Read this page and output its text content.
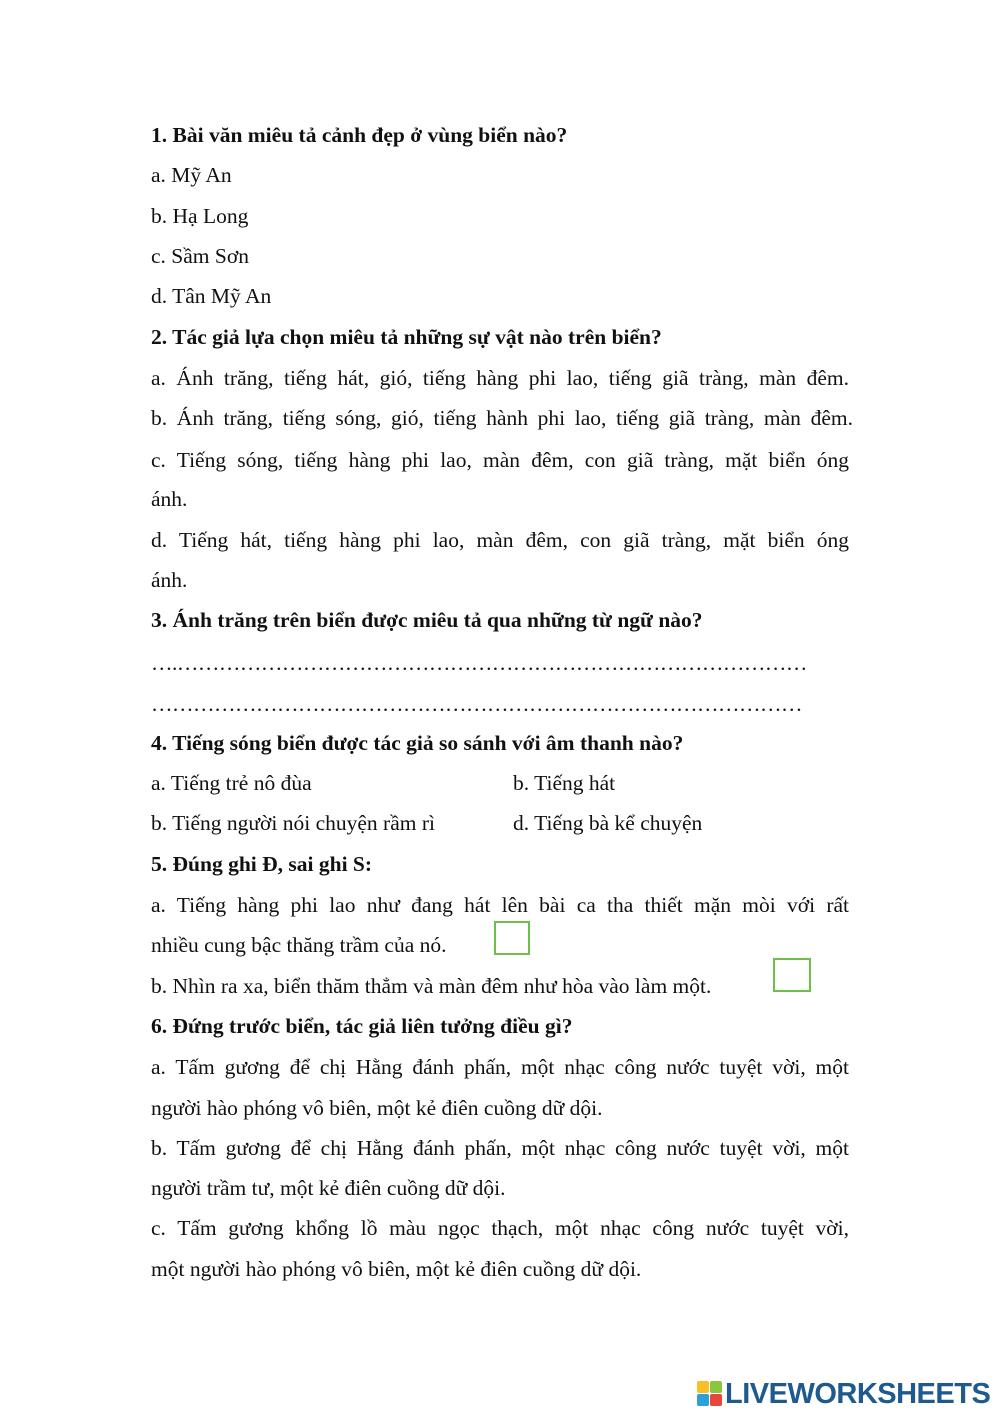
1. Bài văn miêu tả cảnh đẹp ở vùng biển nào?
a. Mỹ An
b. Hạ Long
c. Sầm Sơn
d. Tân Mỹ An
2. Tác giả lựa chọn miêu tả những sự vật nào trên biển?
a. Ánh trăng, tiếng hát, gió, tiếng hàng phi lao, tiếng giã tràng, màn đêm.
b. Ánh trăng, tiếng sóng, gió, tiếng hành phi lao, tiếng giã tràng, màn đêm.
c. Tiếng sóng, tiếng hàng phi lao, màn đêm, con giã tràng, mặt biển óng
ánh.
d. Tiếng hát, tiếng hàng phi lao, màn đêm, con giã tràng, mặt biển óng
ánh.
3. Ánh trăng trên biển được miêu tả qua những từ ngữ nào?
….………………………………………………………………………………
…………………………………………………………………………………
4. Tiếng sóng biển được tác giả so sánh với âm thanh nào?
a. Tiếng trẻ nô đùa	b. Tiếng hát
b. Tiếng người nói chuyện rầm rì	d. Tiếng bà kể chuyện
5. Đúng ghi Đ, sai ghi S:
a. Tiếng hàng phi lao như đang hát lên bài ca tha thiết mặn mòi với rất
nhiều cung bậc thăng trầm của nó.
b. Nhìn ra xa, biển thăm thẳm và màn đêm như hòa vào làm một.
6. Đứng trước biển, tác giả liên tưởng điều gì?
a. Tấm gương để chị Hằng đánh phấn, một nhạc công nước tuyệt vời, một
người hào phóng vô biên, một kẻ điên cuồng dữ dội.
b. Tấm gương để chị Hằng đánh phấn, một nhạc công nước tuyệt vời, một
người trầm tư, một kẻ điên cuồng dữ dội.
c. Tấm gương khổng lồ màu ngọc thạch, một nhạc công nước tuyệt vời,
một người hào phóng vô biên, một kẻ điên cuồng dữ dội.
LIVEWORKSHEETS
